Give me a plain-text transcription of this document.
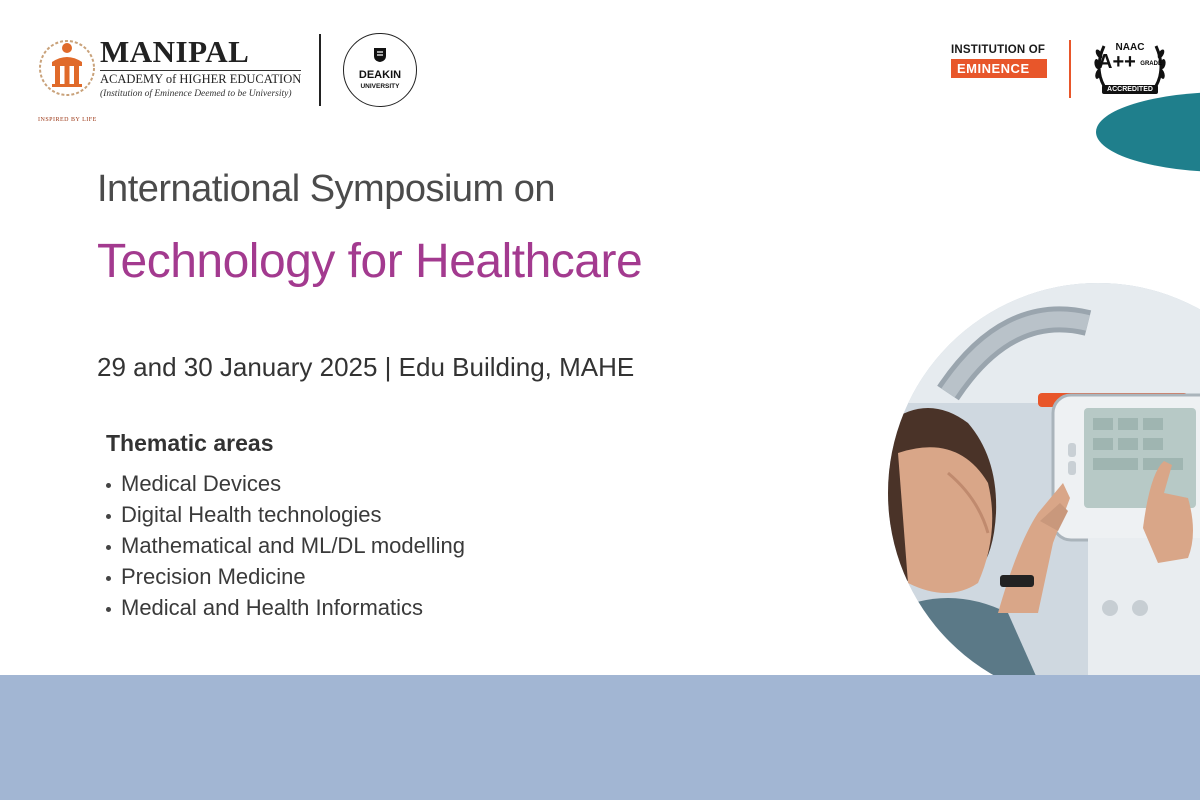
MANIPAL
ACADEMY of HIGHER EDUCATION
(Institution of Eminence Deemed to be University)
INSPIRED BY LIFE
DEAKIN
UNIVERSITY
INSTITUTION OF
EMINENCE
NAAC
A++ GRADE
ACCREDITED
International Symposium on
Technology for Healthcare
29 and 30 January 2025 | Edu Building, MAHE
Thematic areas
Medical Devices
Digital Health technologies
Mathematical and ML/DL modelling
Precision Medicine
Medical and Health Informatics
